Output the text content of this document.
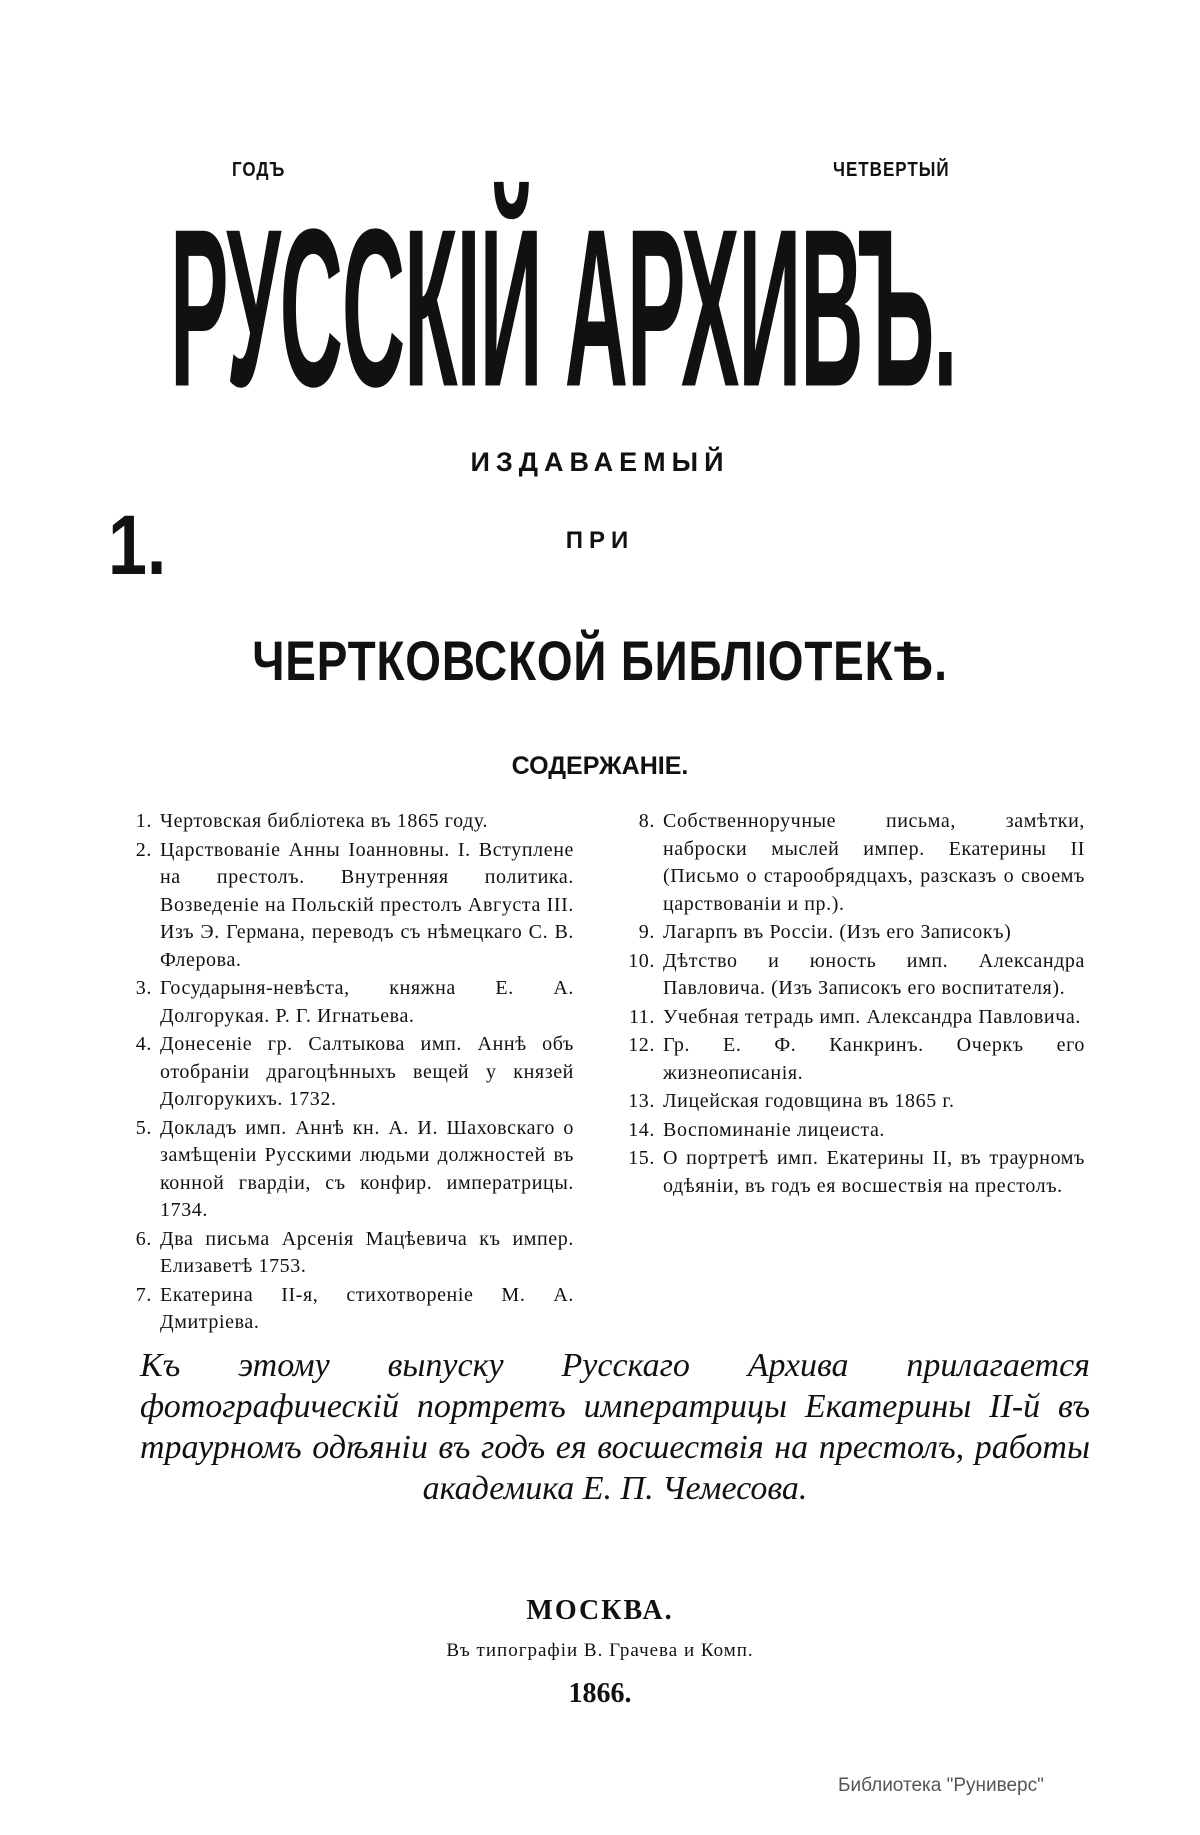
ГОДЪ	ЧЕТВЕРТЫЙ
РУССКІЙ АРХИВЪ.
ИЗДАВАЕМЫЙ
1.	ПРИ
ЧЕРТКОВСКОЙ БИБЛІОТЕКѢ.
СОДЕРЖАНІЕ.
1. Чертовская библіотека въ 1865 году.
2. Царствованіе Анны Іоанновны. I. Вступлене на престолъ. Внутренняя политика. Возведеніе на Польскій престолъ Августа III. Изъ Э. Германа, переводъ съ нѣмецкаго С. В. Флерова.
3. Государыня-невѣста, княжна Е. А. Долгорукая. Р. Г. Игнатьева.
4. Донесеніе гр. Салтыкова имп. Аннѣ объ отобраніи драгоцѣнныхъ вещей у князей Долгорукихъ. 1732.
5. Докладъ имп. Аннѣ кн. А. И. Шаховскаго о замѣщеніи Русскими людьми должностей въ конной гвардіи, съ конфир. императрицы. 1734.
6. Два письма Арсенія Мацѣевича къ импер. Елизаветѣ 1753.
7. Екатерина II-я, стихотвореніе М. А. Дмитріева.
8. Собственноручные письма, замѣтки, наброски мыслей импер. Екатерины II (Письмо о старообрядцахъ, разсказъ о своемъ царствованіи и пр.).
9. Лагарпъ въ Россіи. (Изъ его Записокъ)
10. Дѣтство и юность имп. Александра Павловича. (Изъ Записокъ его воспитателя).
11. Учебная тетрадь имп. Александра Павловича.
12. Гр. Е. Ф. Канкринъ. Очеркъ его жизнеописанія.
13. Лицейская годовщина въ 1865 г.
14. Воспоминаніе лицеиста.
15. О портретѣ имп. Екатерины II, въ траурномъ одѣяніи, въ годъ ея восшествія на престолъ.
Къ этому выпуску Русскаго Архива прилагается фотографическій портретъ императрицы Екатерины II-й въ траурномъ одѣяніи въ годъ ея восшествія на престолъ, работы академика Е. П. Чемесова.
МОСКВА.
Въ типографіи В. Грачева и Комп.
1866.
Библиотека "Руниверс"
